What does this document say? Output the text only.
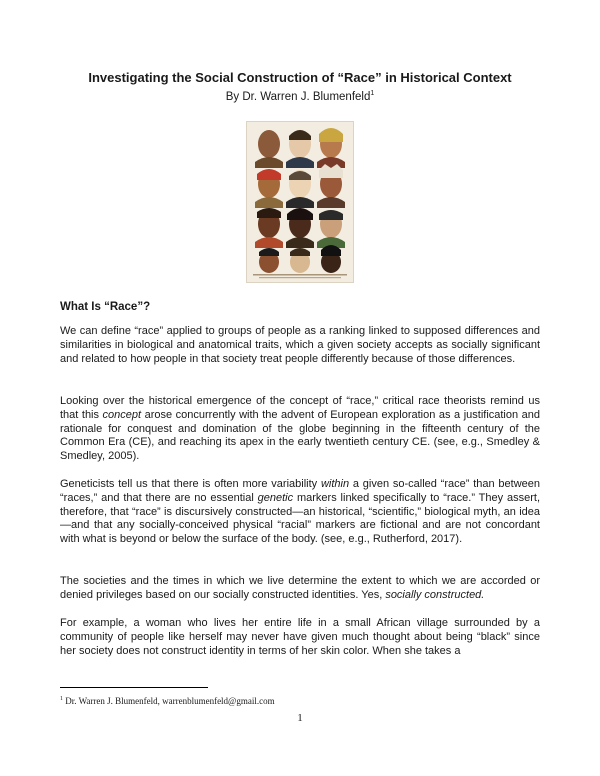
Investigating the Social Construction of “Race” in Historical Context
By Dr. Warren J. Blumenfeld$^1$
What Is “Race”?

We can define “race” applied to groups of people as a ranking linked to supposed differences and similarities in biological and anatomical traits, which a given society accepts as socially significant and related to how people in that society treat people differently because of those differences.

Looking over the historical emergence of the concept of “race,” critical race theorists remind us that this concept arose concurrently with the advent of European exploration as a justification and rationale for conquest and domination of the globe beginning in the fifteenth century of the Common Era (CE), and reaching its apex in the early twentieth century CE. (see, e.g., Smedley & Smedley, 2005).

Geneticists tell us that there is often more variability within a given so-called “race” than between “races,” and that there are no essential genetic markers linked specifically to “race.” They assert, therefore, that “race” is discursively constructed—an historical, “scientific,” biological myth, an idea—and that any socially-conceived physical “racial” markers are fictional and are not concordant with what is beyond or below the surface of the body. (see, e.g., Rutherford, 2017).

The societies and the times in which we live determine the extent to which we are accorded or denied privileges based on our socially constructed identities. Yes, socially constructed.

For example, a woman who lives her entire life in a small African village surrounded by a community of people like herself may never have given much thought about being “black” since her society does not construct identity in terms of her skin color. When she takes a

$^1$ Dr. Warren J. Blumenfeld, warrenblumenfeld@gmail.com
1
